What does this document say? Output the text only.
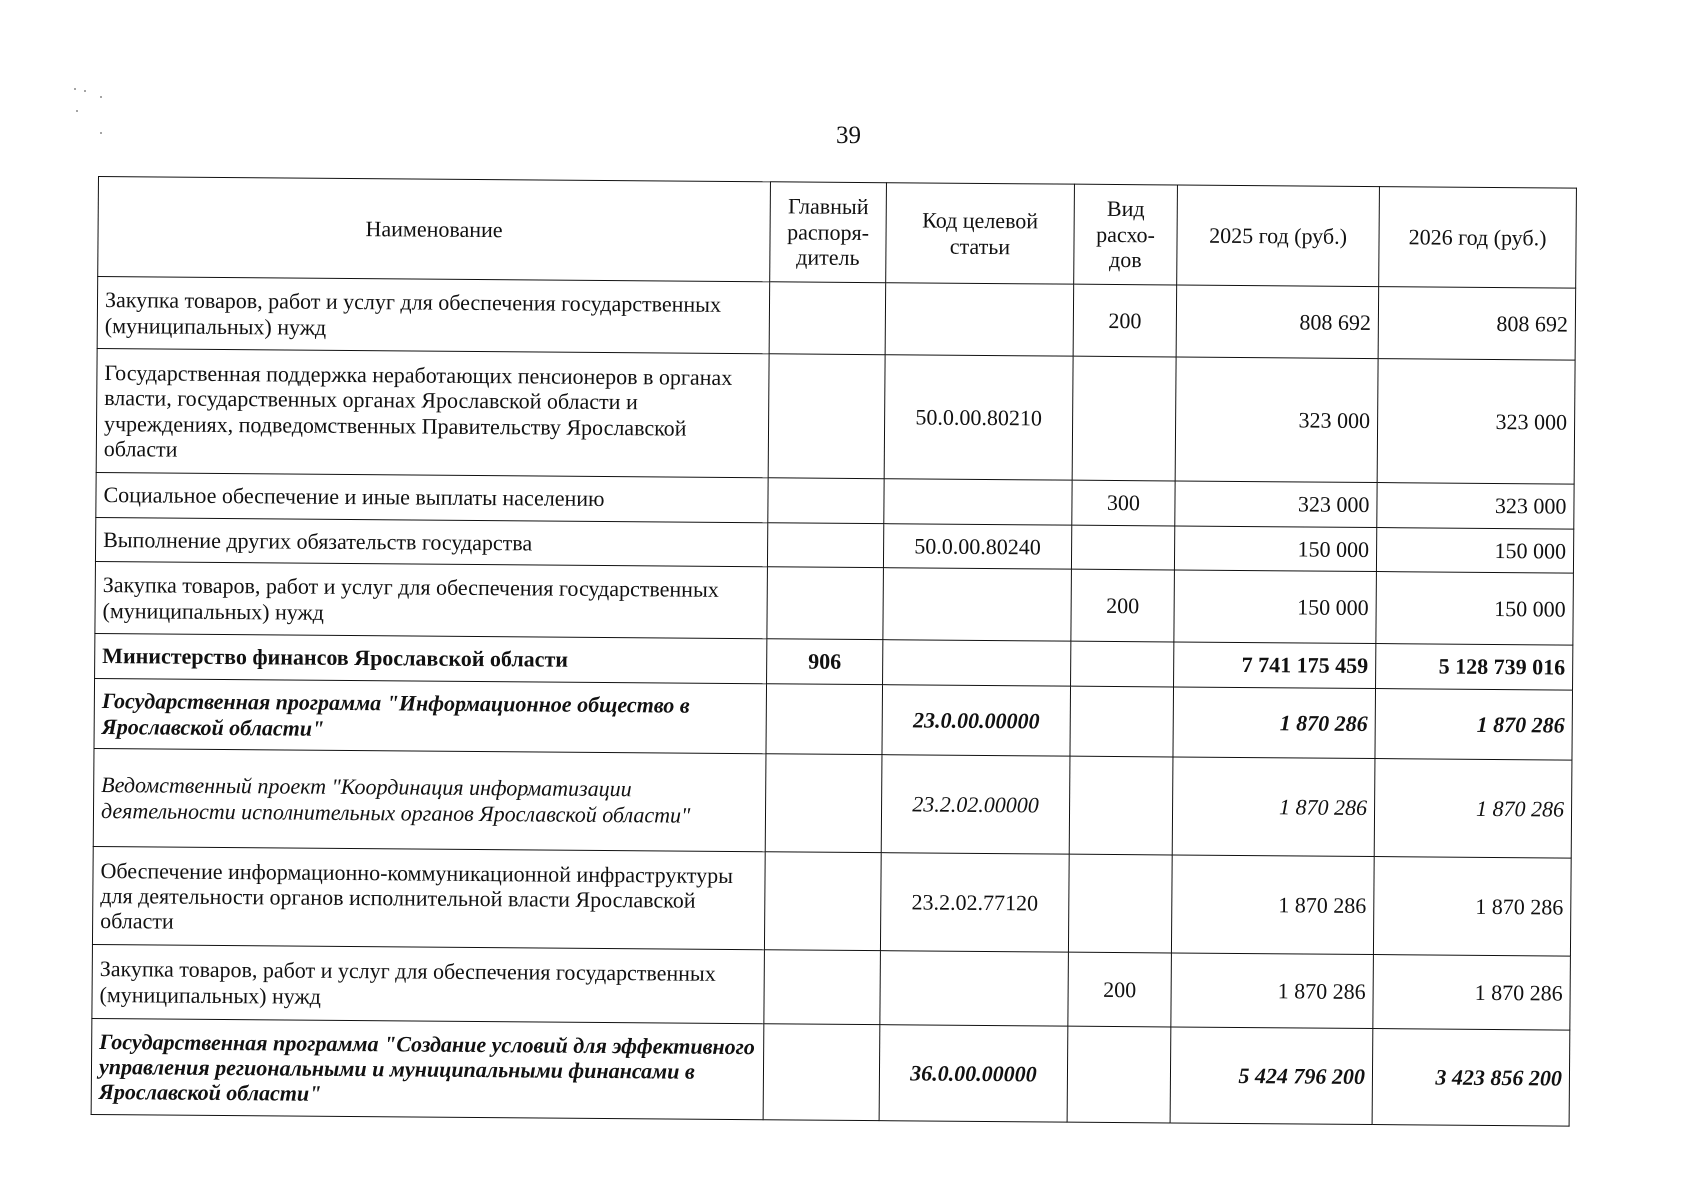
39
Наименование	Главный распоря-дитель	Код целевой статьи	Вид расхо-дов	2025 год (руб.)	2026 год (руб.)
Закупка товаров, работ и услуг для обеспечения государственных (муниципальных) нужд			200	808 692	808 692
Государственная поддержка неработающих пенсионеров в органах власти, государственных органах Ярославской области и учреждениях, подведомственных Правительству Ярославской области		50.0.00.80210		323 000	323 000
Социальное обеспечение и иные выплаты населению			300	323 000	323 000
Выполнение других обязательств государства		50.0.00.80240		150 000	150 000
Закупка товаров, работ и услуг для обеспечения государственных (муниципальных) нужд			200	150 000	150 000
Министерство финансов Ярославской области	906			7 741 175 459	5 128 739 016
Государственная программа "Информационное общество в Ярославской области"		23.0.00.00000		1 870 286	1 870 286
Ведомственный проект "Координация информатизации деятельности исполнительных органов Ярославской области"		23.2.02.00000		1 870 286	1 870 286
Обеспечение информационно-коммуникационной инфраструктуры для деятельности органов исполнительной власти Ярославской области		23.2.02.77120		1 870 286	1 870 286
Закупка товаров, работ и услуг для обеспечения государственных (муниципальных) нужд			200	1 870 286	1 870 286
Государственная программа "Создание условий для эффективного управления региональными и муниципальными финансами в Ярославской области"		36.0.00.00000		5 424 796 200	3 423 856 200
